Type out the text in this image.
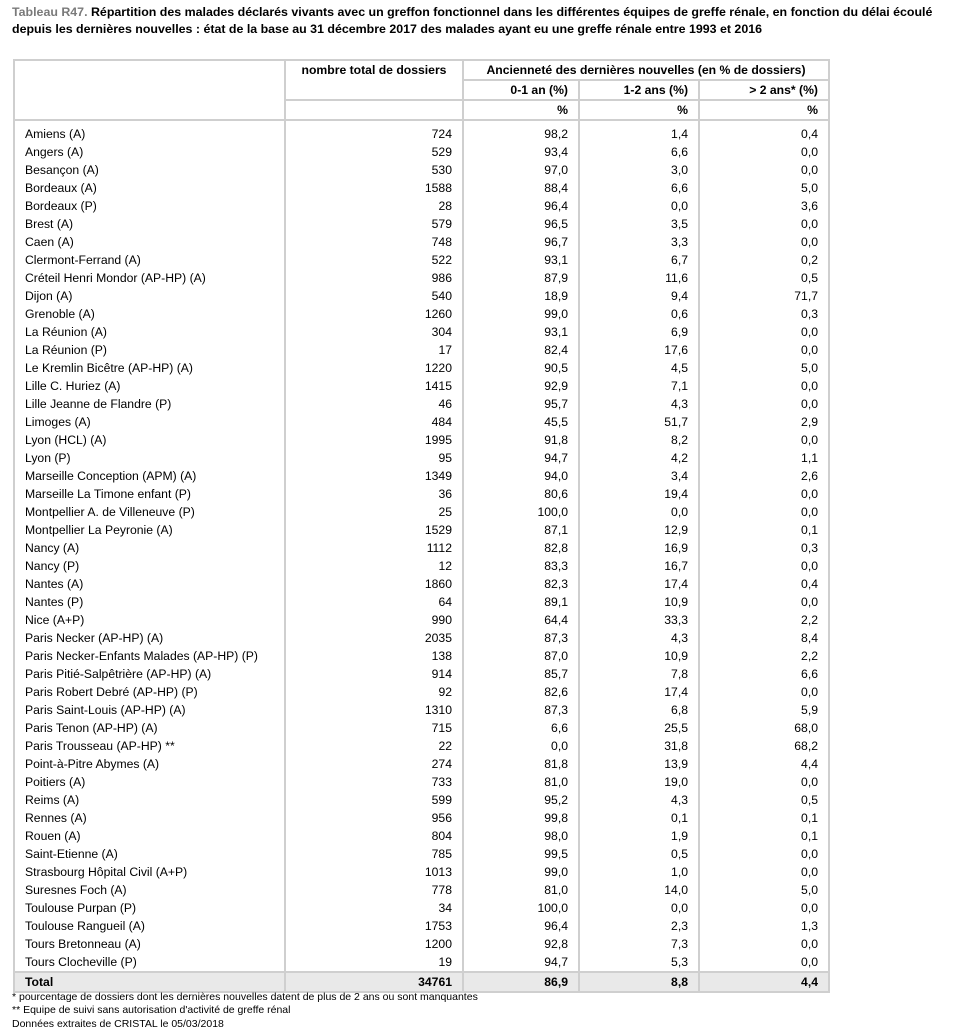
Tableau R47. Répartition des malades déclarés vivants avec un greffon fonctionnel dans les différentes équipes de greffe rénale, en fonction du délai écoulé depuis les dernières nouvelles : état de la base au 31 décembre 2017 des malades ayant eu une greffe rénale entre 1993 et 2016
	nombre total de dossiers	Ancienneté des dernières nouvelles (en % de dossiers)		
		0-1 an (%)	1-2 ans (%)	> 2 ans* (%)
		%	%	%

Amiens (A)	724	98,2	1,4	0,4
Angers (A)	529	93,4	6,6	0,0
Besançon (A)	530	97,0	3,0	0,0
Bordeaux (A)	1588	88,4	6,6	5,0
Bordeaux (P)	28	96,4	0,0	3,6
Brest (A)	579	96,5	3,5	0,0
Caen (A)	748	96,7	3,3	0,0
Clermont-Ferrand (A)	522	93,1	6,7	0,2
Créteil Henri Mondor (AP-HP) (A)	986	87,9	11,6	0,5
Dijon (A)	540	18,9	9,4	71,7
Grenoble (A)	1260	99,0	0,6	0,3
La Réunion (A)	304	93,1	6,9	0,0
La Réunion (P)	17	82,4	17,6	0,0
Le Kremlin Bicêtre (AP-HP) (A)	1220	90,5	4,5	5,0
Lille C. Huriez (A)	1415	92,9	7,1	0,0
Lille Jeanne de Flandre (P)	46	95,7	4,3	0,0
Limoges (A)	484	45,5	51,7	2,9
Lyon (HCL) (A)	1995	91,8	8,2	0,0
Lyon (P)	95	94,7	4,2	1,1
Marseille Conception (APM) (A)	1349	94,0	3,4	2,6
Marseille La Timone enfant (P)	36	80,6	19,4	0,0
Montpellier A. de Villeneuve (P)	25	100,0	0,0	0,0
Montpellier La Peyronie (A)	1529	87,1	12,9	0,1
Nancy (A)	1112	82,8	16,9	0,3
Nancy (P)	12	83,3	16,7	0,0
Nantes (A)	1860	82,3	17,4	0,4
Nantes (P)	64	89,1	10,9	0,0
Nice (A+P)	990	64,4	33,3	2,2
Paris Necker (AP-HP) (A)	2035	87,3	4,3	8,4
Paris Necker-Enfants Malades (AP-HP) (P)	138	87,0	10,9	2,2
Paris Pitié-Salpêtrière (AP-HP) (A)	914	85,7	7,8	6,6
Paris Robert Debré (AP-HP) (P)	92	82,6	17,4	0,0
Paris Saint-Louis (AP-HP) (A)	1310	87,3	6,8	5,9
Paris Tenon (AP-HP) (A)	715	6,6	25,5	68,0
Paris Trousseau (AP-HP) **	22	0,0	31,8	68,2
Point-à-Pitre Abymes (A)	274	81,8	13,9	4,4
Poitiers (A)	733	81,0	19,0	0,0
Reims (A)	599	95,2	4,3	0,5
Rennes (A)	956	99,8	0,1	0,1
Rouen (A)	804	98,0	1,9	0,1
Saint-Etienne (A)	785	99,5	0,5	0,0
Strasbourg Hôpital Civil (A+P)	1013	99,0	1,0	0,0
Suresnes Foch (A)	778	81,0	14,0	5,0
Toulouse Purpan (P)	34	100,0	0,0	0,0
Toulouse Rangueil (A)	1753	96,4	2,3	1,3
Tours Bretonneau (A)	1200	92,8	7,3	0,0
Tours Clocheville (P)	19	94,7	5,3	0,0
Total	34761	86,9	8,8	4,4
* pourcentage de dossiers dont les dernières nouvelles datent de plus de 2 ans ou sont manquantes
** Equipe de suivi sans autorisation d'activité de greffe rénal
Données extraites de CRISTAL le 05/03/2018
